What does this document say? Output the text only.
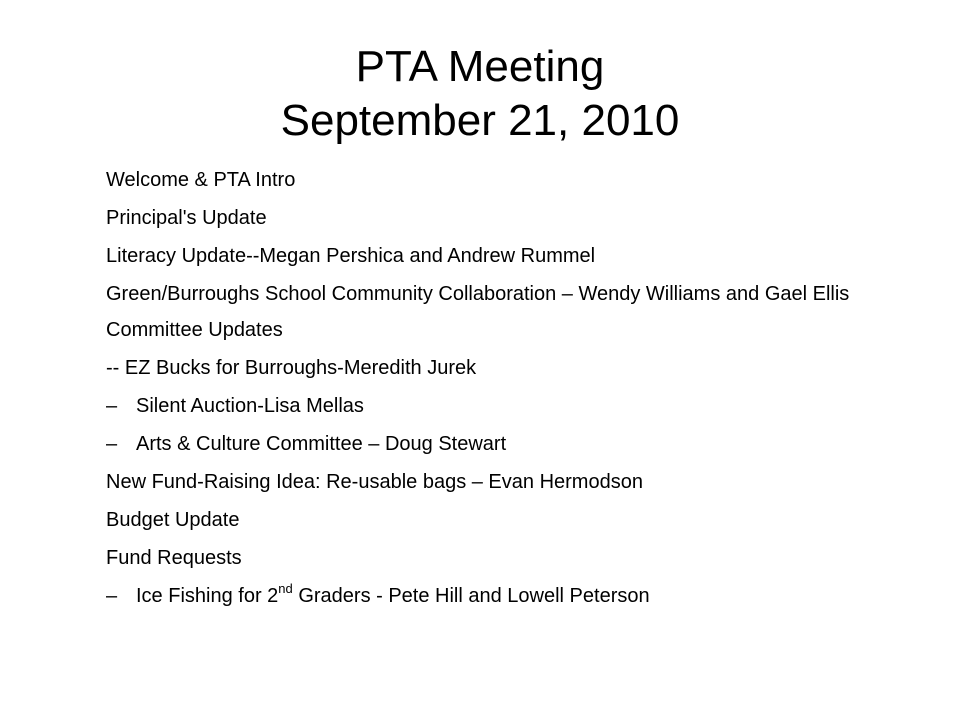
PTA Meeting
September 21, 2010
Welcome & PTA Intro
Principal's Update
Literacy Update--Megan Pershica and Andrew Rummel
Green/Burroughs School Community Collaboration – Wendy Williams and Gael Ellis
Committee Updates
-- EZ Bucks for Burroughs-Meredith Jurek
– Silent Auction-Lisa Mellas
– Arts & Culture Committee – Doug Stewart
New Fund-Raising Idea: Re-usable bags – Evan Hermodson
Budget Update
Fund Requests
– Ice Fishing for 2nd Graders - Pete Hill and Lowell Peterson
